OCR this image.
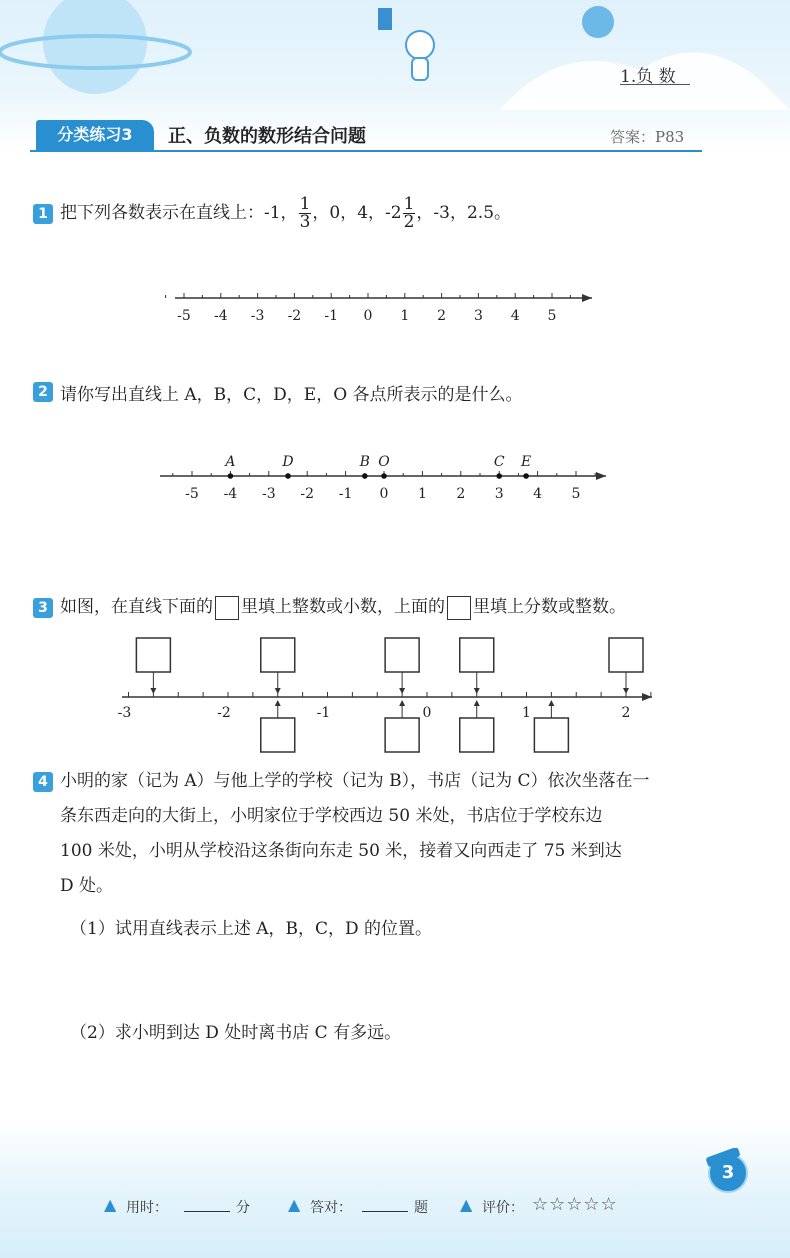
1.负 数
分类练习3	正、负数的数形结合问题	答案：P83
1 把下列各数表示在直线上：-1， $\frac{1}{3}$ ，0，4，$-2 \frac{1}{2}$ ，-3，2.5。
-5 -4 -3 -2 -1 0 1 2 3 4 5
2 请你写出直线上 A，B，C，D，E，O 各点所表示的是什么。
-5 -4 -3 -2 -1 0 1 2 3 4 5
A	D	B O	C E
3 如图，在直线下面的 里填上整数或小数，上面的 里填上分数或整数。
-3	-2	-1	0	1	2
4 小明的家（记为 A）与他上学的学校（记为 B），书店（记为 C）依次坐落在一
条东西走向的大街上，小明家位于学校西边 50 米处，书店位于学校东边
100 米处，小明从学校沿这条街向东走 50 米，接着又向西走了 75 米到达
D 处。
（1）试用直线表示上述 A，B，C，D 的位置。
（2）求小明到达 D 处时离书店 C 有多远。
▲ 用时：	分 ▲ 答对：	题 ▲ 评价： ☆☆☆☆☆
3
